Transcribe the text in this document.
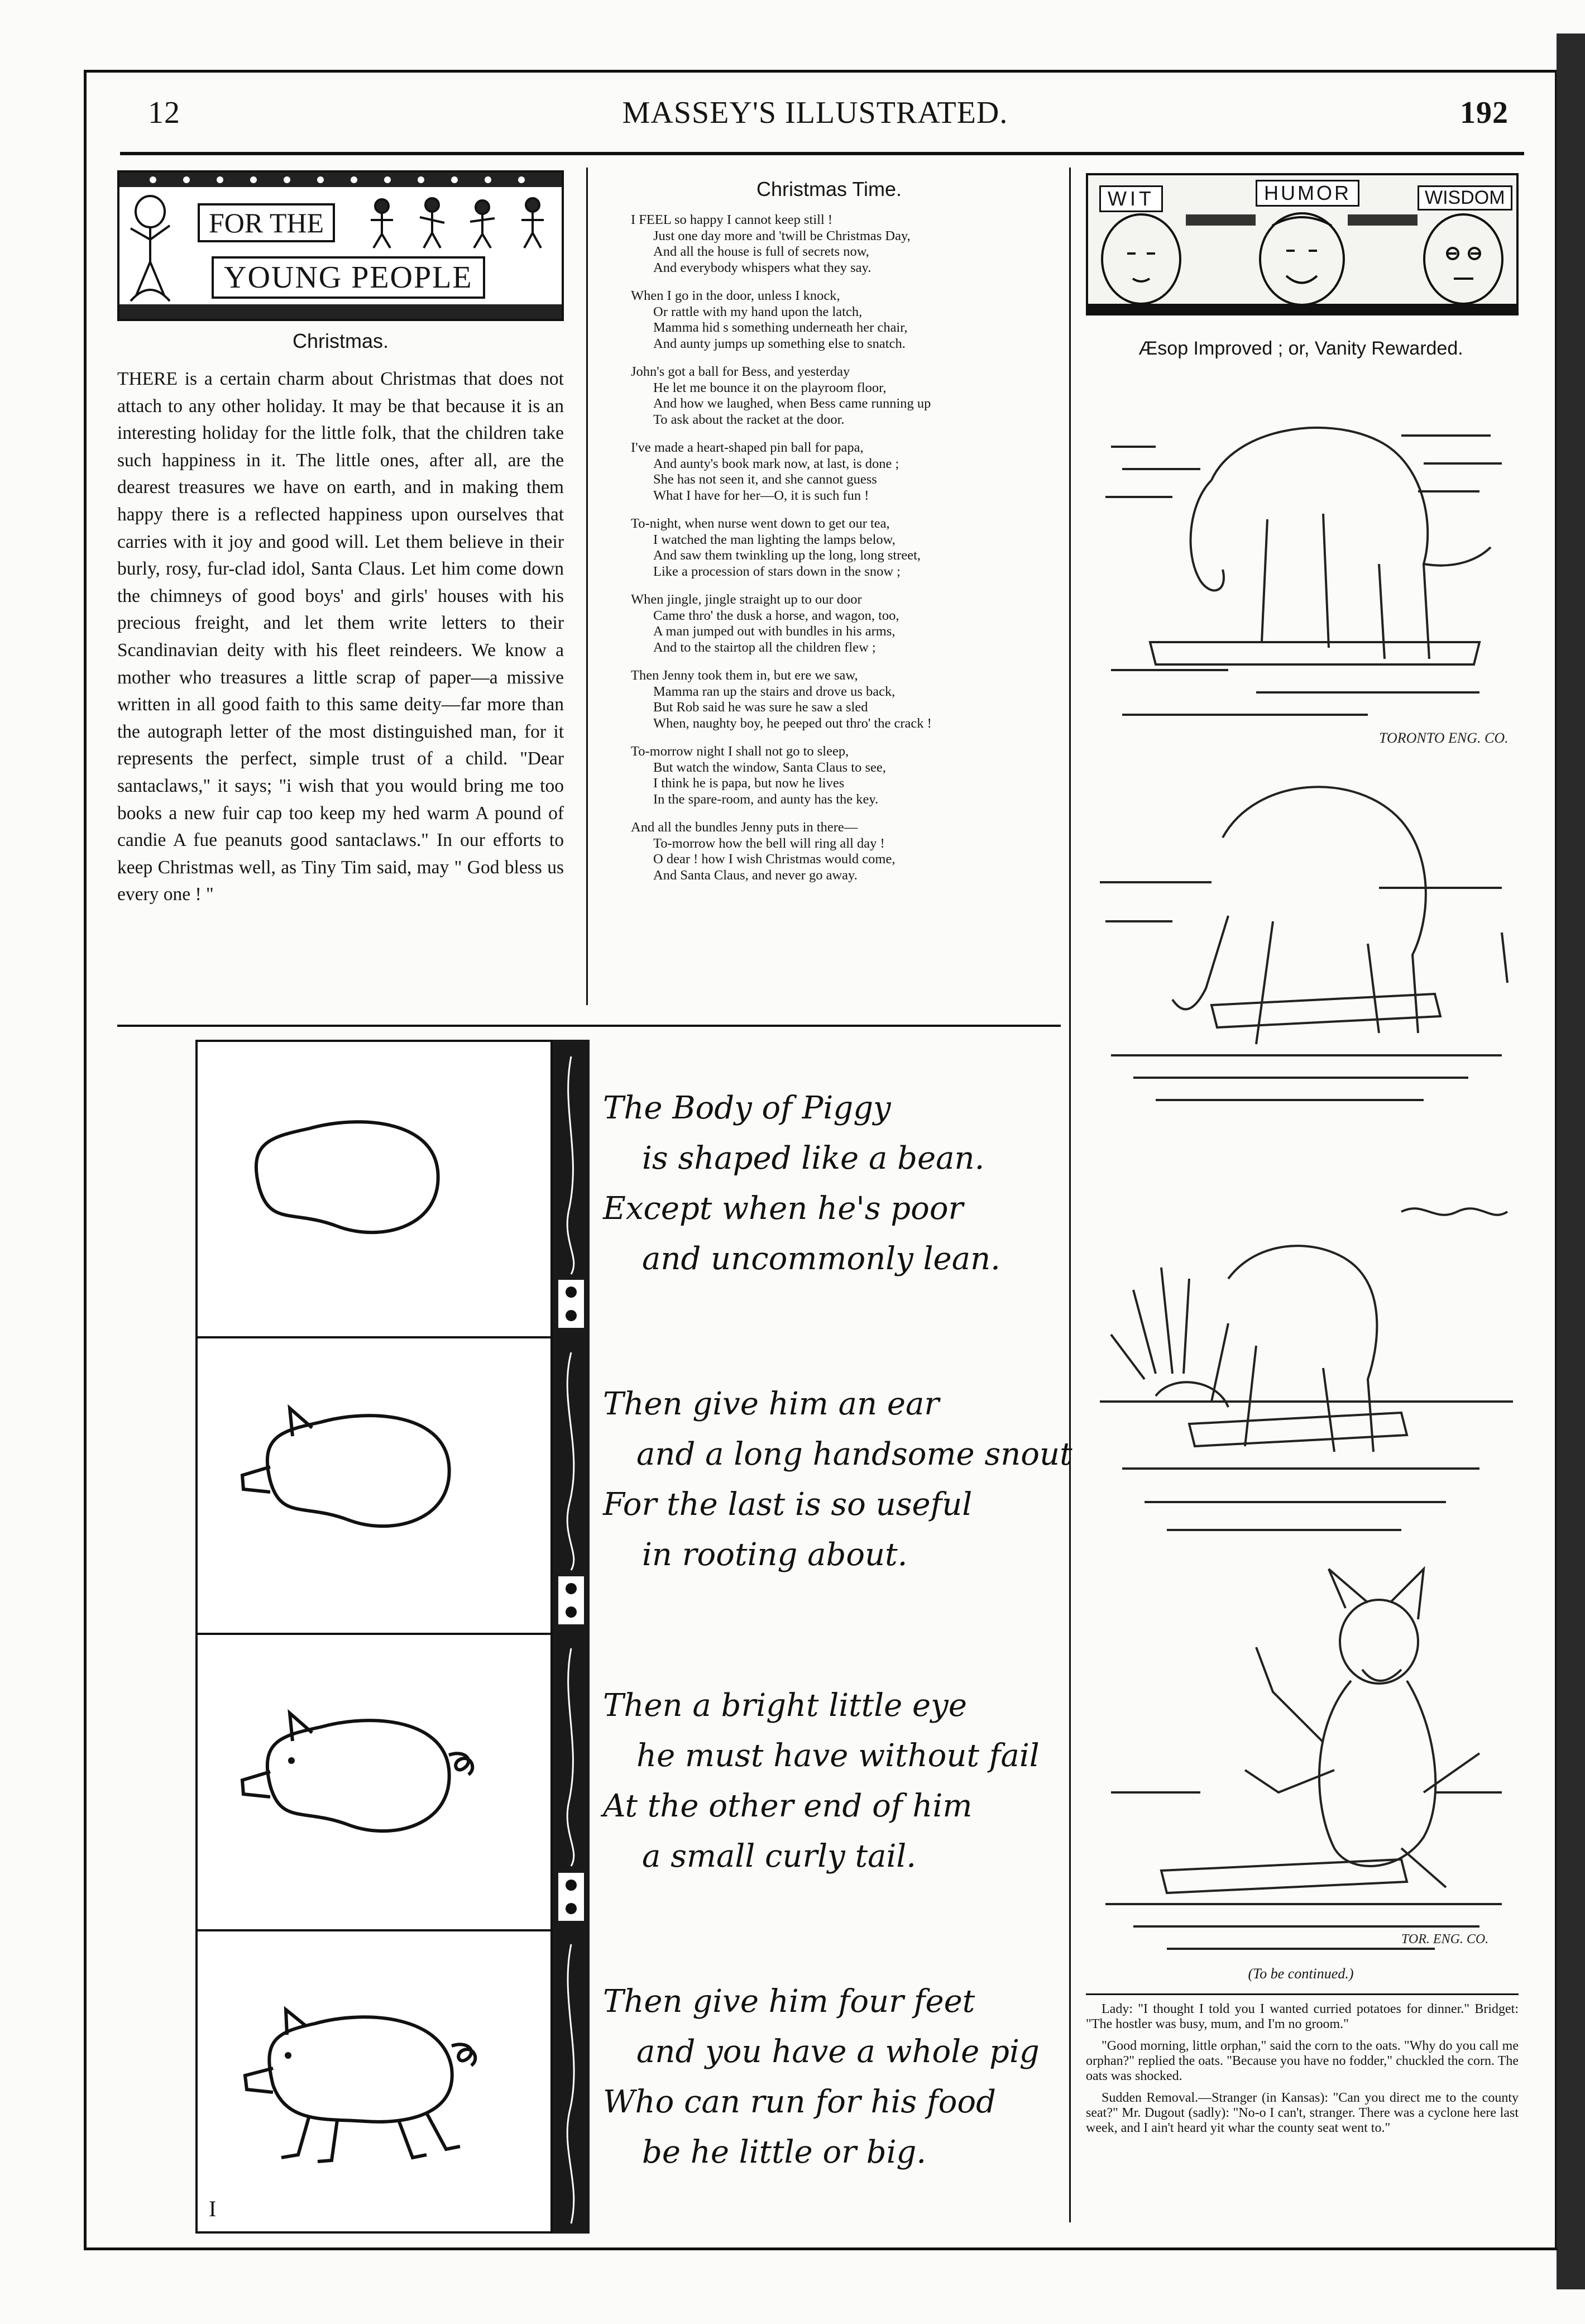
12	MASSEY'S ILLUSTRATED.	192
FOR THE
YOUNG PEOPLE
Christmas.

THERE is a certain charm about Christmas that does not attach to any other holiday. It may be that because it is an interesting holiday for the little folk, that the children take such happiness in it. The little ones, after all, are the dearest treasures we have on earth, and in making them happy there is a reflected happiness upon ourselves that carries with it joy and good will. Let them believe in their burly, rosy, fur-clad idol, Santa Claus. Let him come down the chimneys of good boys' and girls' houses with his precious freight, and let them write letters to their Scandinavian deity with his fleet reindeers. We know a mother who treasures a little scrap of paper—a missive written in all good faith to this same deity—far more than the autograph letter of the most distinguished man, for it represents the perfect, simple trust of a child. "Dear santaclaws," it says; "i wish that you would bring me too books a new fuir cap too keep my hed warm A pound of candie A fue peanuts good santaclaws." In our efforts to keep Christmas well, as Tiny Tim said, may " God bless us every one ! "

Christmas Time.
I FEEL so happy I cannot keep still !
Just one day more and 'twill be Christmas Day,
And all the house is full of secrets now,
And everybody whispers what they say.
When I go in the door, unless I knock,
Or rattle with my hand upon the latch,
Mamma hid s something underneath her chair,
And aunty jumps up something else to snatch.
John's got a ball for Bess, and yesterday
He let me bounce it on the playroom floor,
And how we laughed, when Bess came running up
To ask about the racket at the door.
I've made a heart-shaped pin ball for papa,
And aunty's book mark now, at last, is done ;
She has not seen it, and she cannot guess
What I have for her—O, it is such fun !
To-night, when nurse went down to get our tea,
I watched the man lighting the lamps below,
And saw them twinkling up the long, long street,
Like a procession of stars down in the snow ;
When jingle, jingle straight up to our door
Came thro' the dusk a horse, and wagon, too,
A man jumped out with bundles in his arms,
And to the stairtop all the children flew ;
Then Jenny took them in, but ere we saw,
Mamma ran up the stairs and drove us back,
But Rob said he was sure he saw a sled
When, naughty boy, he peeped out thro' the crack !
To-morrow night I shall not go to sleep,
But watch the window, Santa Claus to see,
I think he is papa, but now he lives
In the spare-room, and aunty has the key.
And all the bundles Jenny puts in there—
To-morrow how the bell will ring all day !
O dear ! how I wish Christmas would come,
And Santa Claus, and never go away.
I
The Body of Piggy
is shaped like a bean.
Except when he's poor
and uncommonly lean.
Then give him an ear
and a long handsome snout
For the last is so useful
in rooting about.
Then a bright little eye
he must have without fail
At the other end of him
a small curly tail.
Then give him four feet
and you have a whole pig
Who can run for his food
be he little or big.
WIT	HUMOR	WISDOM
Æsop Improved ; or, Vanity Rewarded.
TORONTO ENG. CO.
TOR. ENG. CO.
(To be continued.)

Lady: "I thought I told you I wanted curried potatoes for dinner." Bridget: "The hostler was busy, mum, and I'm no groom."

"Good morning, little orphan," said the corn to the oats. "Why do you call me orphan?" replied the oats. "Because you have no fodder," chuckled the corn. The oats was shocked.

Sudden Removal.—Stranger (in Kansas): "Can you direct me to the county seat?" Mr. Dugout (sadly): "No-o I can't, stranger. There was a cyclone here last week, and I ain't heard yit whar the county seat went to."
